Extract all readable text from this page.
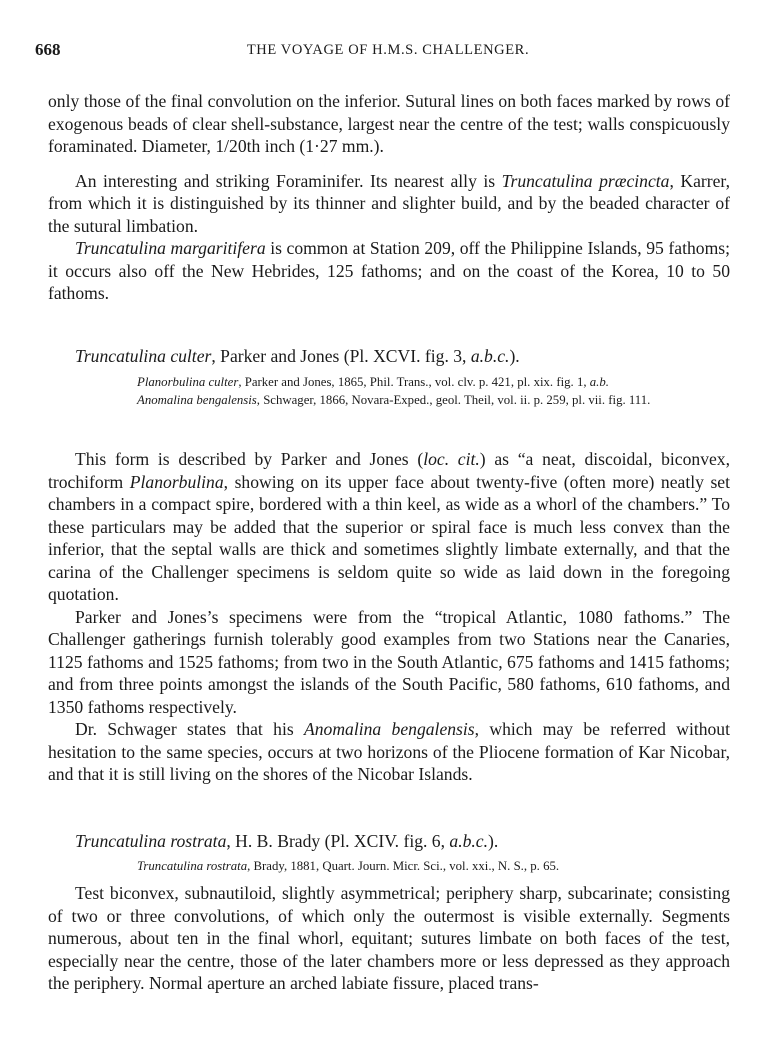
668	THE VOYAGE OF H.M.S. CHALLENGER.

only those of the final convolution on the inferior. Sutural lines on both faces marked by rows of exogenous beads of clear shell-substance, largest near the centre of the test; walls conspicuously foraminated. Diameter, 1/20th inch (1·27 mm.).

An interesting and striking Foraminifer. Its nearest ally is Truncatulina præcincta, Karrer, from which it is distinguished by its thinner and slighter build, and by the beaded character of the sutural limbation.

Truncatulina margaritifera is common at Station 209, off the Philippine Islands, 95 fathoms; it occurs also off the New Hebrides, 125 fathoms; and on the coast of the Korea, 10 to 50 fathoms.

Truncatulina culter, Parker and Jones (Pl. XCVI. fig. 3, a.b.c.).

Planorbulina culter, Parker and Jones, 1865, Phil. Trans., vol. clv. p. 421, pl. xix. fig. 1, a.b.

Anomalina bengalensis, Schwager, 1866, Novara-Exped., geol. Theil, vol. ii. p. 259, pl. vii. fig. 111.

This form is described by Parker and Jones (loc. cit.) as “a neat, discoidal, biconvex, trochiform Planorbulina, showing on its upper face about twenty-five (often more) neatly set chambers in a compact spire, bordered with a thin keel, as wide as a whorl of the chambers.” To these particulars may be added that the superior or spiral face is much less convex than the inferior, that the septal walls are thick and sometimes slightly limbate externally, and that the carina of the Challenger specimens is seldom quite so wide as laid down in the foregoing quotation.

Parker and Jones’s specimens were from the “tropical Atlantic, 1080 fathoms.” The Challenger gatherings furnish tolerably good examples from two Stations near the Canaries, 1125 fathoms and 1525 fathoms; from two in the South Atlantic, 675 fathoms and 1415 fathoms; and from three points amongst the islands of the South Pacific, 580 fathoms, 610 fathoms, and 1350 fathoms respectively.

Dr. Schwager states that his Anomalina bengalensis, which may be referred without hesitation to the same species, occurs at two horizons of the Pliocene formation of Kar Nicobar, and that it is still living on the shores of the Nicobar Islands.

Truncatulina rostrata, H. B. Brady (Pl. XCIV. fig. 6, a.b.c.).

Truncatulina rostrata, Brady, 1881, Quart. Journ. Micr. Sci., vol. xxi., N. S., p. 65.

Test biconvex, subnautiloid, slightly asymmetrical; periphery sharp, subcarinate; consisting of two or three convolutions, of which only the outermost is visible externally. Segments numerous, about ten in the final whorl, equitant; sutures limbate on both faces of the test, especially near the centre, those of the later chambers more or less depressed as they approach the periphery. Normal aperture an arched labiate fissure, placed trans-
